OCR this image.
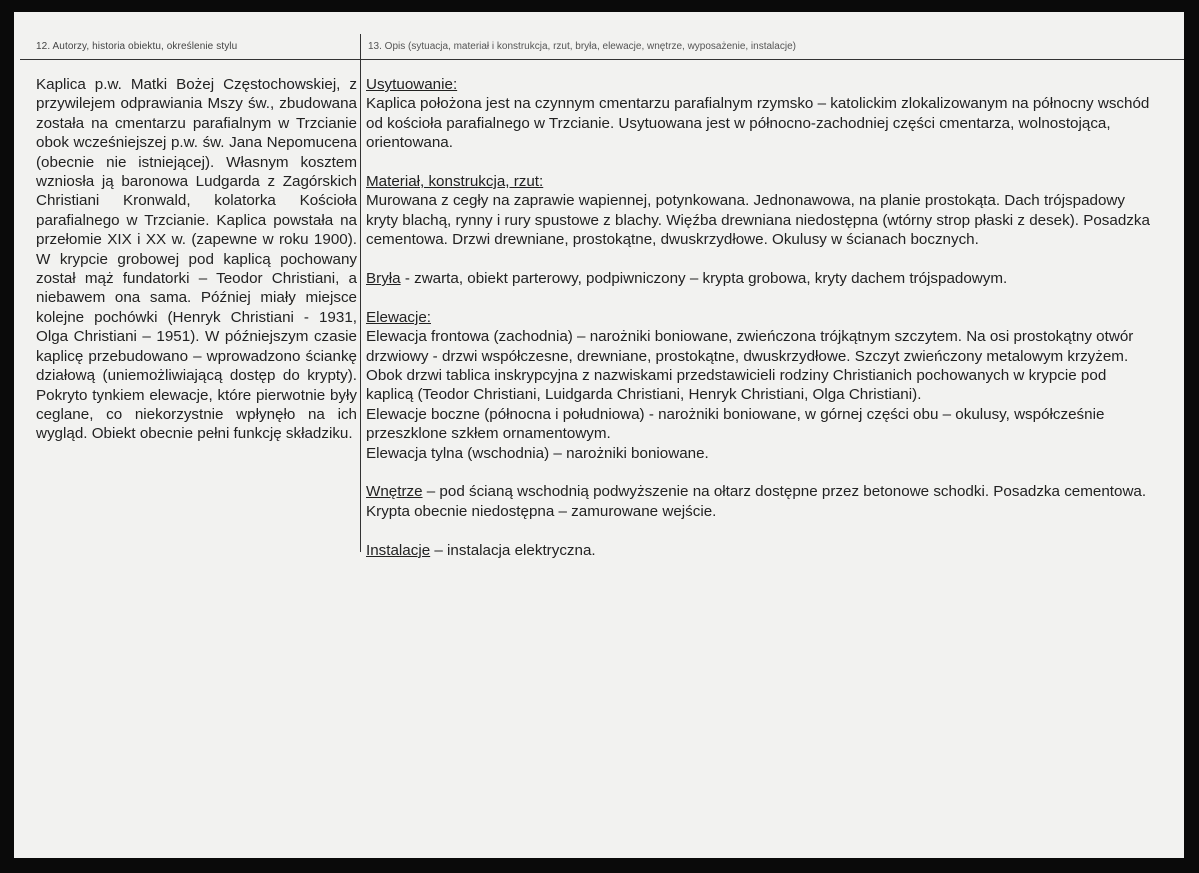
12. Autorzy, historia obiektu, określenie stylu	13. Opis (sytuacja, materiał i konstrukcja, rzut, bryła, elewacje, wnętrze, wyposażenie, instalacje)

Kaplica p.w. Matki Bożej Częstochowskiej, z przywilejem odprawiania Mszy św., zbudowana została na cmentarzu parafialnym w Trzcianie obok wcześniejszej p.w. św. Jana Nepomucena (obecnie nie istniejącej). Własnym kosztem wzniosła ją baronowa Ludgarda z Zagórskich Christiani Kronwald, kolatorka Kościoła parafialnego w Trzcianie. Kaplica powstała na przełomie XIX i XX w. (zapewne w roku 1900). W krypcie grobowej pod kaplicą pochowany został mąż fundatorki – Teodor Christiani, a niebawem ona sama. Później miały miejsce kolejne pochówki (Henryk Christiani - 1931, Olga Christiani – 1951). W późniejszym czasie kaplicę przebudowano – wprowadzono ściankę działową (uniemożliwiającą dostęp do krypty). Pokryto tynkiem elewacje, które pierwotnie były ceglane, co niekorzystnie wpłynęło na ich wygląd. Obiekt obecnie pełni funkcję składziku.

Usytuowanie:

Kaplica położona jest na czynnym cmentarzu parafialnym rzymsko – katolickim zlokalizowanym na północny wschód od kościoła parafialnego w Trzcianie. Usytuowana jest w północno-zachodniej części cmentarza, wolnostojąca, orientowana.

Materiał, konstrukcja, rzut:

Murowana z cegły na zaprawie wapiennej, potynkowana. Jednonawowa, na planie prostokąta. Dach trójspadowy kryty blachą, rynny i rury spustowe z blachy. Więźba drewniana niedostępna (wtórny strop płaski z desek). Posadzka cementowa. Drzwi drewniane, prostokątne, dwuskrzydłowe. Okulusy w ścianach bocznych.

Bryła - zwarta, obiekt parterowy, podpiwniczony – krypta grobowa, kryty dachem trójspadowym.

Elewacje:

Elewacja frontowa (zachodnia) – narożniki boniowane, zwieńczona trójkątnym szczytem. Na osi prostokątny otwór drzwiowy - drzwi współczesne, drewniane, prostokątne, dwuskrzydłowe. Szczyt zwieńczony metalowym krzyżem. Obok drzwi tablica inskrypcyjna z nazwiskami przedstawicieli rodziny Christianich pochowanych w krypcie pod kaplicą (Teodor Christiani, Luidgarda Christiani, Henryk Christiani, Olga Christiani).

Elewacje boczne (północna i południowa) - narożniki boniowane, w górnej części obu – okulusy, współcześnie przeszklone szkłem ornamentowym.

Elewacja tylna (wschodnia) – narożniki boniowane.

Wnętrze – pod ścianą wschodnią podwyższenie na ołtarz dostępne przez betonowe schodki. Posadzka cementowa. Krypta obecnie niedostępna – zamurowane wejście.

Instalacje – instalacja elektryczna.
